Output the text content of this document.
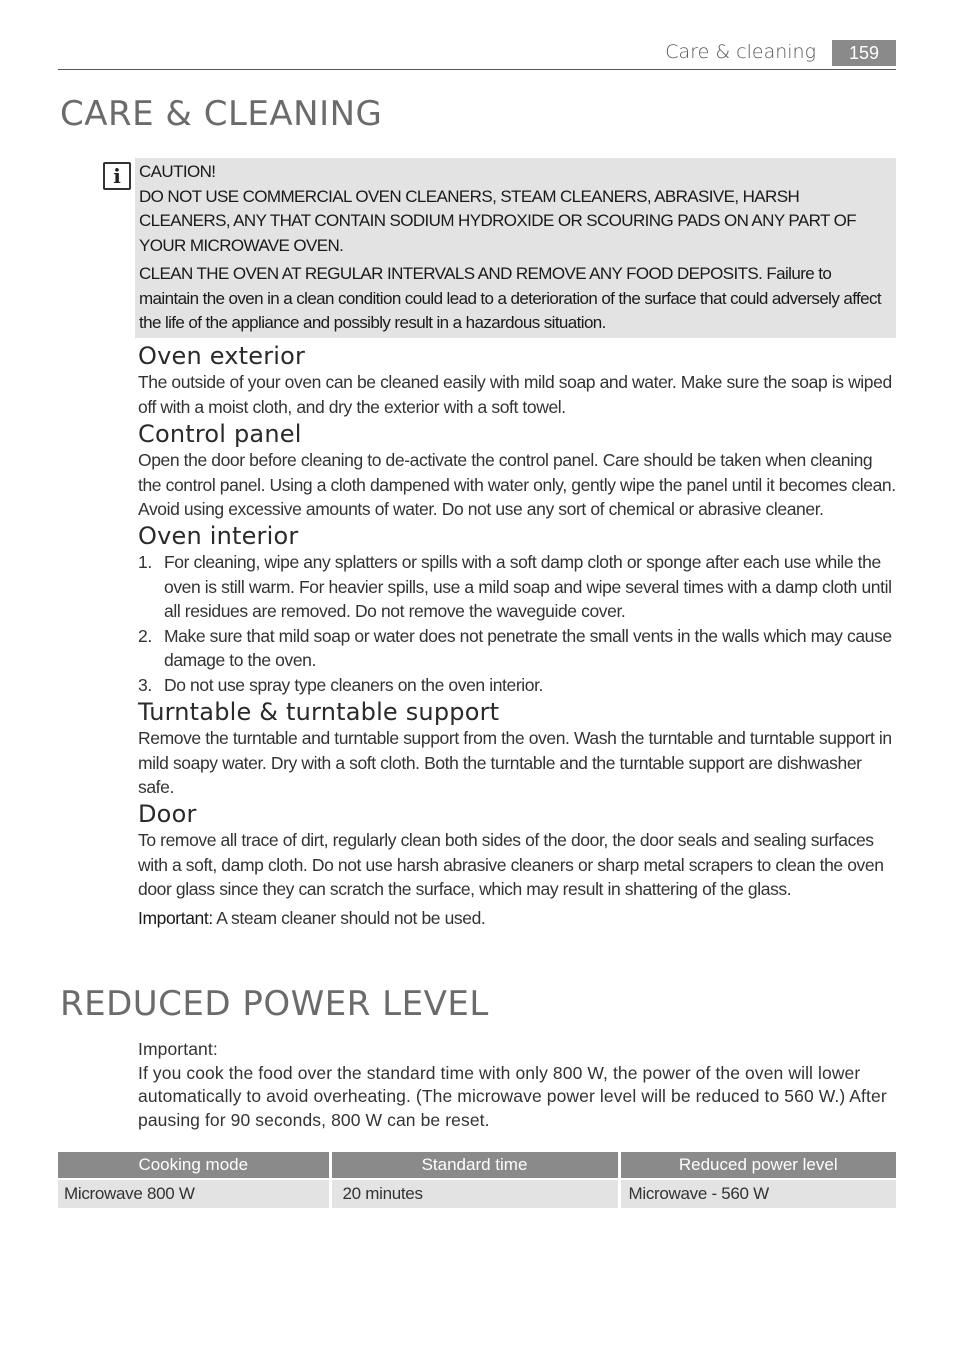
Care & cleaning	159
CARE & CLEANING
i	CAUTION!

DO NOT USE COMMERCIAL OVEN CLEANERS, STEAM CLEANERS, ABRASIVE, HARSH CLEANERS, ANY THAT CONTAIN SODIUM HYDROXIDE OR SCOURING PADS ON ANY PART OF YOUR MICROWAVE OVEN.

CLEAN THE OVEN AT REGULAR INTERVALS AND REMOVE ANY FOOD DEPOSITS. Failure to maintain the oven in a clean condition could lead to a deterioration of the surface that could adversely affect the life of the appliance and possibly result in a hazardous situation.

Oven exterior

The outside of your oven can be cleaned easily with mild soap and water. Make sure the soap is wiped off with a moist cloth, and dry the exterior with a soft towel.

Control panel

Open the door before cleaning to de-activate the control panel. Care should be taken when cleaning the control panel. Using a cloth dampened with water only, gently wipe the panel until it becomes clean. Avoid using excessive amounts of water. Do not use any sort of chemical or abrasive cleaner.

Oven interior
1. For cleaning, wipe any splatters or spills with a soft damp cloth or sponge after each use while the oven is still warm. For heavier spills, use a mild soap and wipe several times with a damp cloth until all residues are removed. Do not remove the waveguide cover.
2. Make sure that mild soap or water does not penetrate the small vents in the walls which may cause damage to the oven.
3. Do not use spray type cleaners on the oven interior.
Turntable & turntable support

Remove the turntable and turntable support from the oven. Wash the turntable and turntable support in mild soapy water. Dry with a soft cloth. Both the turntable and the turntable support are dishwasher safe.

Door

To remove all trace of dirt, regularly clean both sides of the door, the door seals and sealing surfaces with a soft, damp cloth. Do not use harsh abrasive cleaners or sharp metal scrapers to clean the oven door glass since they can scratch the surface, which may result in shattering of the glass.

Important: A steam cleaner should not be used.

REDUCED POWER LEVEL

Important:

If you cook the food over the standard time with only 800 W, the power of the oven will lower automatically to avoid overheating. (The microwave power level will be reduced to 560 W.) After pausing for 90 seconds, 800 W can be reset.

Cooking mode	Standard time	Reduced power level
Microwave 800 W	20 minutes	Microwave - 560 W
